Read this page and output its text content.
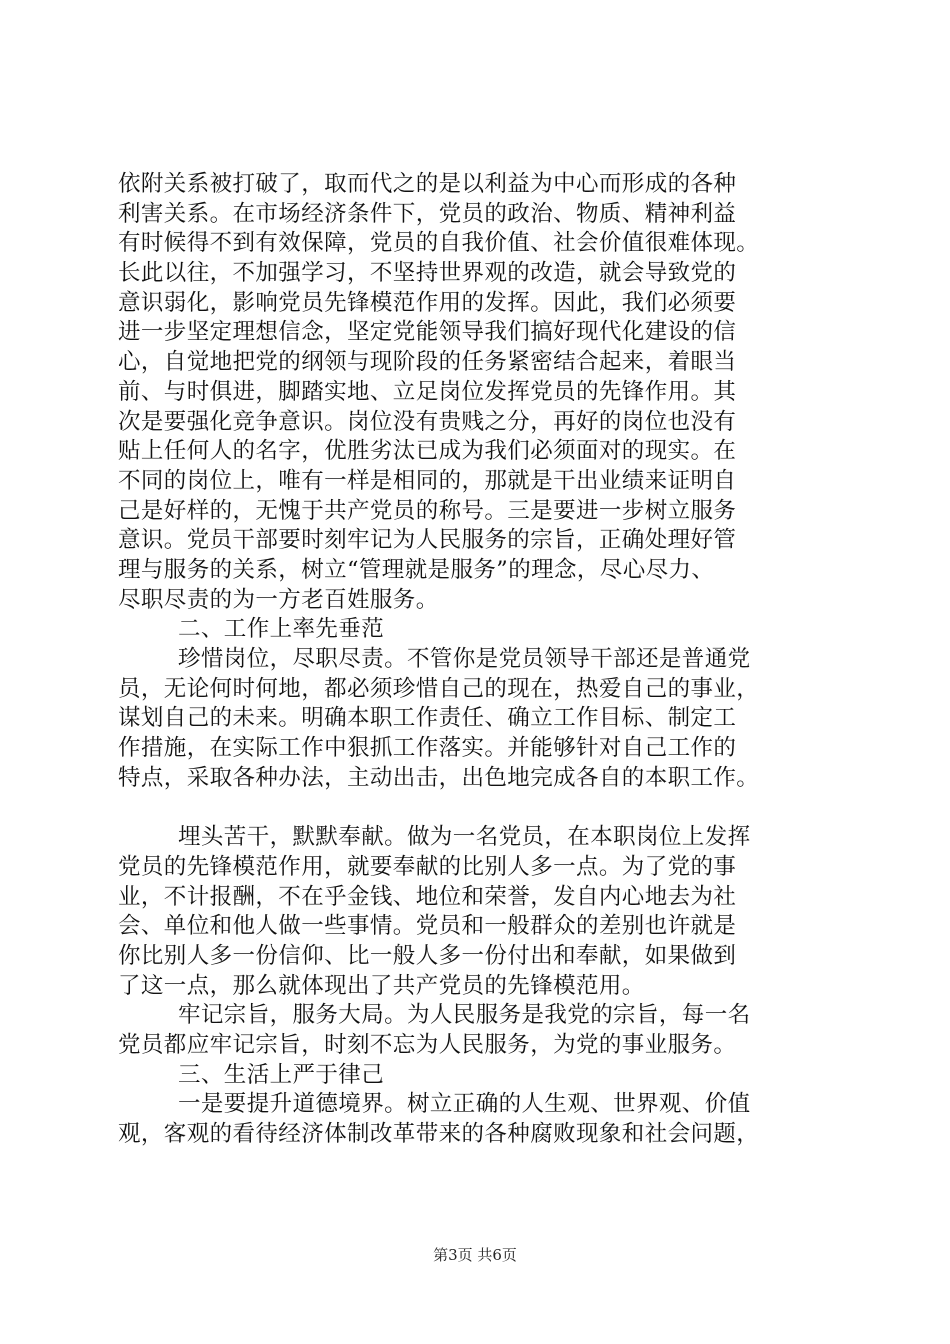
依附关系被打破了，取而代之的是以利益为中心而形成的各种
利害关系。在市场经济条件下，党员的政治、物质、精神利益
有时候得不到有效保障，党员的自我价值、社会价值很难体现。
长此以往，不加强学习，不坚持世界观的改造，就会导致党的
意识弱化，影响党员先锋模范作用的发挥。因此，我们必须要
进一步坚定理想信念，坚定党能领导我们搞好现代化建设的信
心，自觉地把党的纲领与现阶段的任务紧密结合起来，着眼当
前、与时俱进，脚踏实地、立足岗位发挥党员的先锋作用。其
次是要强化竞争意识。岗位没有贵贱之分，再好的岗位也没有
贴上任何人的名字，优胜劣汰已成为我们必须面对的现实。在
不同的岗位上，唯有一样是相同的，那就是干出业绩来证明自
己是好样的，无愧于共产党员的称号。三是要进一步树立服务
意识。党员干部要时刻牢记为人民服务的宗旨，正确处理好管
理与服务的关系，树立“管理就是服务”的理念，尽心尽力、
尽职尽责的为一方老百姓服务。
二、工作上率先垂范
珍惜岗位，尽职尽责。不管你是党员领导干部还是普通党
员，无论何时何地，都必须珍惜自己的现在，热爱自己的事业，
谋划自己的未来。明确本职工作责任、确立工作目标、制定工
作措施，在实际工作中狠抓工作落实。并能够针对自己工作的
特点，采取各种办法，主动出击，出色地完成各自的本职工作。
埋头苦干，默默奉献。做为一名党员，在本职岗位上发挥
党员的先锋模范作用，就要奉献的比别人多一点。为了党的事
业，不计报酬，不在乎金钱、地位和荣誉，发自内心地去为社
会、单位和他人做一些事情。党员和一般群众的差别也许就是
你比别人多一份信仰、比一般人多一份付出和奉献，如果做到
了这一点，那么就体现出了共产党员的先锋模范用。
牢记宗旨，服务大局。为人民服务是我党的宗旨，每一名
党员都应牢记宗旨，时刻不忘为人民服务，为党的事业服务。
三、生活上严于律己
一是要提升道德境界。树立正确的人生观、世界观、价值
观，客观的看待经济体制改革带来的各种腐败现象和社会问题，
第3页 共6页
